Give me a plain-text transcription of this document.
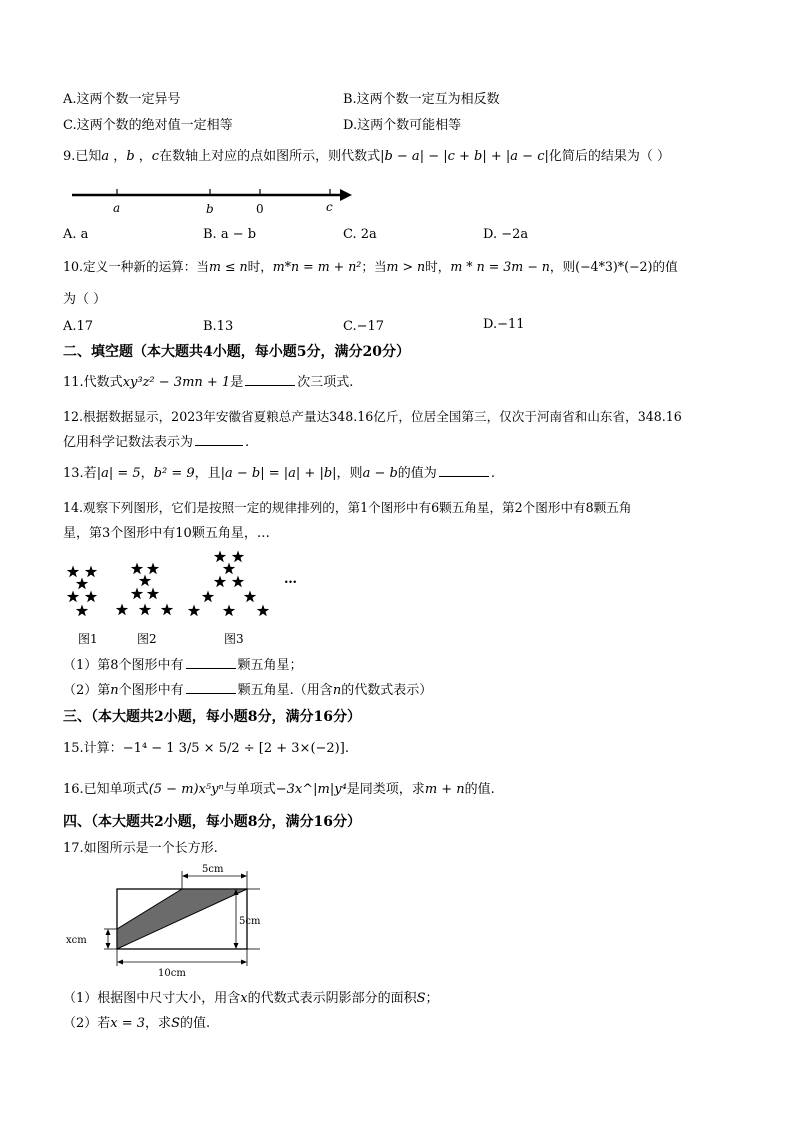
A.这两个数一定异号	B.这两个数一定互为相反数
C.这两个数的绝对值一定相等	D.这两个数可能相等
9.已知a ，b ，c在数轴上对应的点如图所示，则代数式|b − a| − |c + b| + |a − c|化简后的结果为（ ）
a	b	0	c
A. a	B. a − b	C. 2a	D. −2a
10.定义一种新的运算：当m ≤ n时，m*n = m + n²；当m > n时，m * n = 3m − n，则(−4*3)*(−2)的值
为（ ）
A.17	B.13	C.−17	D.−11
二、填空题（本大题共4小题，每小题5分，满分20分）
11.代数式xy³z² − 3mn + 1是	次三项式.
12.根据数据显示，2023年安徽省夏粮总产量达348.16亿斤，位居全国第三，仅次于河南省和山东省，348.16
亿用科学记数法表示为	.
13.若|a| = 5，b² = 9，且|a − b| = |a| + |b|，则a − b的值为	.
14.观察下列图形，它们是按照一定的规律排列的，第1个图形中有6颗五角星，第2个图形中有8颗五角
星，第3个图形中有10颗五角星，…
…
图1	图2	图3
（1）第8个图形中有	颗五角星；
（2）第n个图形中有	颗五角星.（用含n的代数式表示）
三、（本大题共2小题，每小题8分，满分16分）
15.计算：−1⁴ − 1 3/5 × 5/2 ÷ [2 + 3×(−2)].
16.已知单项式(5 − m)x⁵yⁿ与单项式−3x^|m|y⁴是同类项，求m + n的值.
四、（本大题共2小题，每小题8分，满分16分）
17.如图所示是一个长方形.
5cm
5cm
xcm
10cm
（1）根据图中尺寸大小，用含x的代数式表示阴影部分的面积S；
（2）若x = 3，求S的值.
